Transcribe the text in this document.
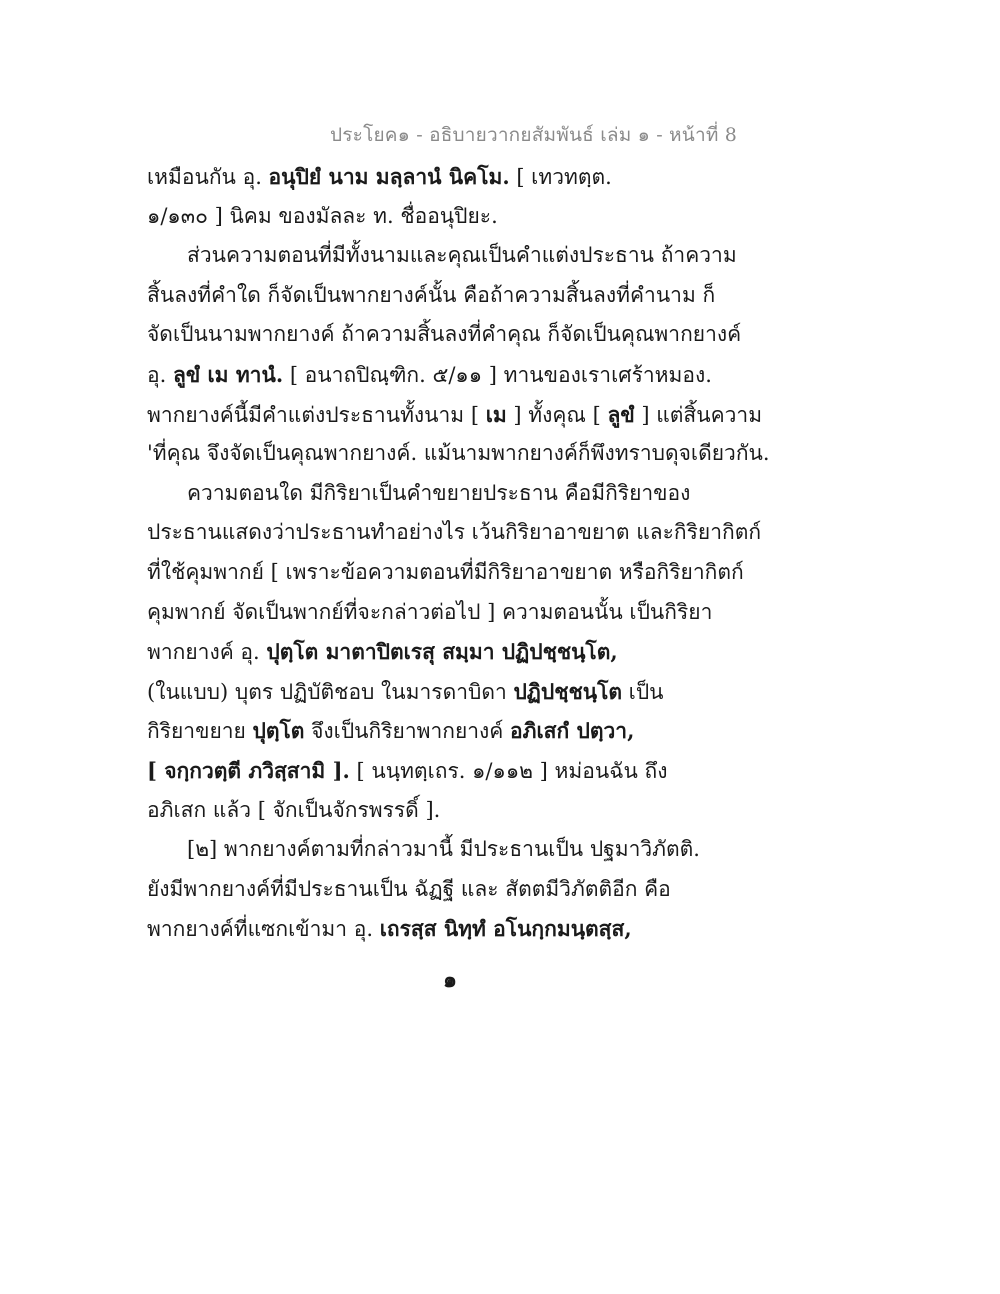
ประโยค๑ - อธิบายวากยสัมพันธ์ เล่ม ๑ - หน้าที่ 8
เหมือนกัน อุ. อนุปิยํ นาม มลฺลานํ นิคโม. [ เทวทตฺต.
๑/๑๓๐ ] นิคม ของมัลละ ท. ชื่ออนุปิยะ.
ส่วนความตอนที่มีทั้งนามและคุณเป็นคำแต่งประธาน ถ้าความ
สิ้นลงที่คำใด ก็จัดเป็นพากยางค์นั้น คือถ้าความสิ้นลงที่คำนาม ก็
จัดเป็นนามพากยางค์ ถ้าความสิ้นลงที่คำคุณ ก็จัดเป็นคุณพากยางค์
อุ. ลูขํ เม ทานํ. [ อนาถปิณฺฑิก. ๕/๑๑ ] ทานของเราเศร้าหมอง.
พากยางค์นี้มีคำแต่งประธานทั้งนาม [ เม ] ทั้งคุณ [ ลูขํ ] แต่สิ้นความ
'ที่คุณ จึงจัดเป็นคุณพากยางค์. แม้นามพากยางค์ก็พึงทราบดุจเดียวกัน.
ความตอนใด มีกิริยาเป็นคำขยายประธาน คือมีกิริยาของ
ประธานแสดงว่าประธานทำอย่างไร เว้นกิริยาอาขยาต และกิริยากิตก์
ที่ใช้คุมพากย์ [ เพราะข้อความตอนที่มีกิริยาอาขยาต หรือกิริยากิตก์
คุมพากย์ จัดเป็นพากย์ที่จะกล่าวต่อไป ] ความตอนนั้น เป็นกิริยา
พากยางค์ อุ. ปุตฺโต มาตาปิตเรสุ สมฺมา ปฏิปชฺชนฺโต,
(ในแบบ) บุตร ปฏิบัติชอบ ในมารดาบิดา ปฏิปชฺชนฺโต เป็น
กิริยาขยาย ปุตฺโต จึงเป็นกิริยาพากยางค์ อภิเสกํ ปตฺวา,
[ จกฺกวตฺตี ภวิสฺสามิ ]. [ นนฺทตฺเถร. ๑/๑๑๒ ] หม่อนฉัน ถึง
อภิเสก แล้ว [ จักเป็นจักรพรรดิ์ ].
[๒] พากยางค์ตามที่กล่าวมานี้ มีประธานเป็น ปฐมาวิภัตติ.
ยังมีพากยางค์ที่มีประธานเป็น ฉัฏฐี และ สัตตมีวิภัตติอีก คือ
พากยางค์ที่แซกเข้ามา อุ. เถรสฺส นิทฺทํ อโนกฺกมนฺตสฺส,
๑
